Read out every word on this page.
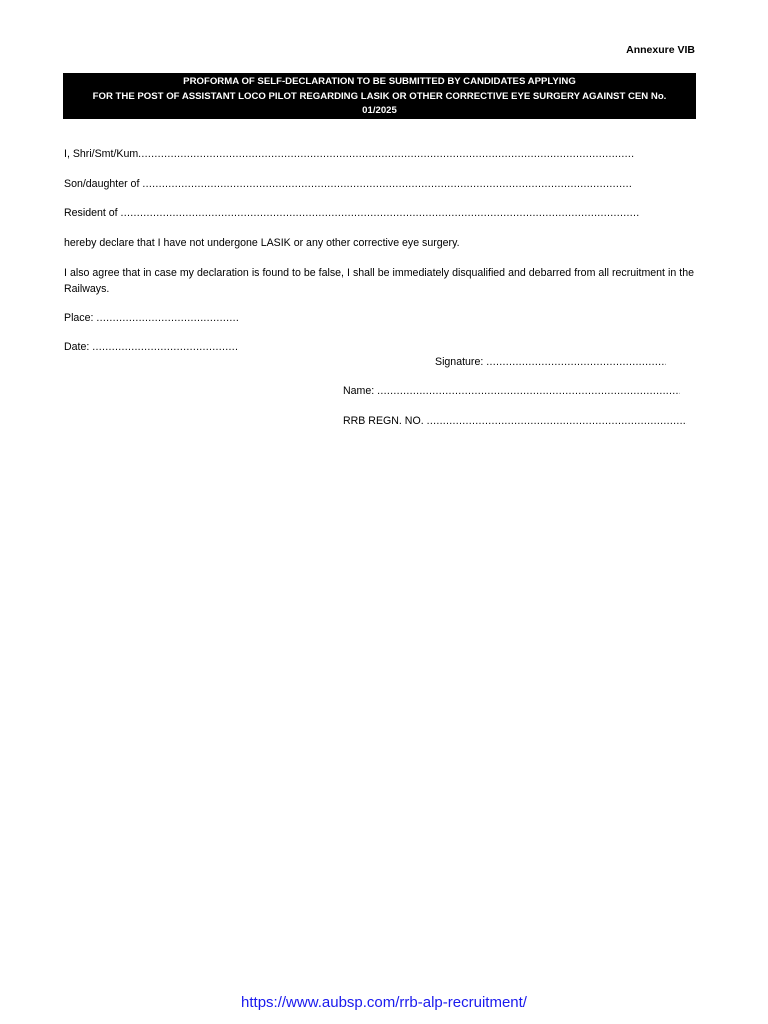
Annexure VIB
PROFORMA OF SELF-DECLARATION TO BE SUBMITTED BY CANDIDATES APPLYING
FOR THE POST OF ASSISTANT LOCO PILOT REGARDING LASIK OR OTHER CORRECTIVE EYE SURGERY AGAINST CEN No.
01/2025
I, Shri/Smt/Kum.....
Son/daughter of .....
Resident of .....
hereby declare that I have not undergone LASIK or any other corrective eye surgery.
I also agree that in case my declaration is found to be false, I shall be immediately disqualified and debarred from all recruitment in the Railways.
Place: .....
Date: .....
Signature: .....
Name: .....
RRB REGN. NO. .....
https://www.aubsp.com/rrb-alp-recruitment/
